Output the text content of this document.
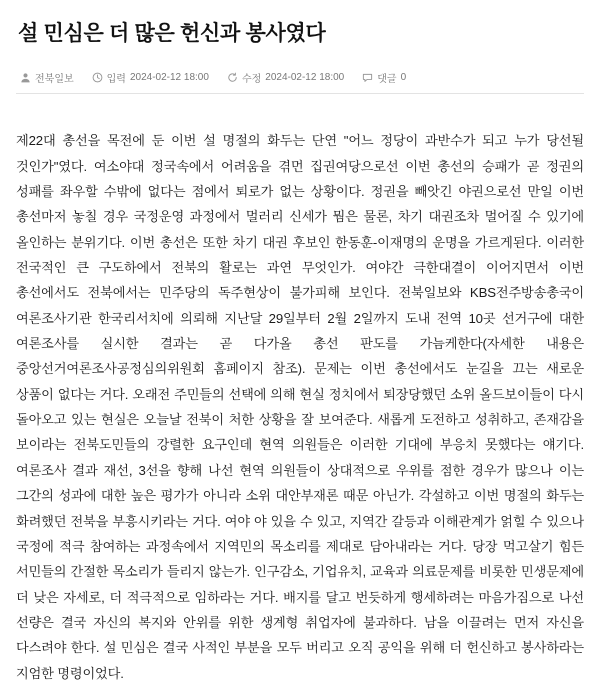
설 민심은 더 많은 헌신과 봉사였다
전북일보	입력 2024-02-12 18:00	수정 2024-02-12 18:00	댓글 0

제22대 총선을 목전에 둔 이번 설 명절의 화두는 단연 "어느 정당이 과반수가 되고 누가 당선될 것인가"였다. 여소야대 정국속에서 어려움을 겪먼 집권여당으로선 이번 총선의 승패가 곧 정권의 성패를 좌우할 수밖에 없다는 점에서 퇴로가 없는 상황이다. 정권을 빼앗긴 야권으로선 만일 이번 총선마저 놓칠 경우 국정운영 과정에서 멀러리 신세가 뭠은 물론, 차기 대권조차 멀어질 수 있기에 올인하는 분위기다. 이번 총선은 또한 차기 대권 후보인 한동훈-이재명의 운명을 가르게된다. 이러한 전국적인 큰 구도하에서 전북의 활로는 과연 무엇인가. 여야간 극한대결이 이어지면서 이번 총선에서도 전북에서는 민주당의 독주현상이 불가피해 보인다. 전북일보와 KBS전주방송총국이 여론조사기관 한국리서치에 의뢰해 지난달 29일부터 2월 2일까지 도내 전역 10곳 선거구에 대한 여론조사를 실시한 결과는 곧 다가올 총선 판도를 가늠케한다(자세한 내용은 중앙선거여론조사공정심의위원회 홈페이지 참조). 문제는 이번 총선에서도 눈길을 끄는 새로운 상품이 없다는 거다. 오래전 주민들의 선택에 의해 현실 정치에서 퇴장당했던 소위 올드보이들이 다시 돌아오고 있는 현실은 오늘날 전북이 처한 상황을 잘 보여준다. 새롭게 도전하고 성취하고, 존재감을 보이라는 전북도민들의 강렬한 요구인데 현역 의원들은 이러한 기대에 부응치 못했다는 얘기다. 여론조사 결과 재선, 3선을 향해 나선 현역 의원들이 상대적으로 우위를 점한 경우가 많으나 이는 그간의 성과에 대한 높은 평가가 아니라 소위 대안부재론 때문 아닌가. 각설하고 이번 명절의 화두는 화려했던 전북을 부흥시키라는 거다. 여야 야 있을 수 있고, 지역간 갈등과 이해관계가 얽힐 수 있으나 국정에 적극 참여하는 과정속에서 지역민의 목소리를 제대로 담아내라는 거다. 당장 먹고살기 힘든 서민들의 간절한 목소리가 들리지 않는가. 인구감소, 기업유치, 교육과 의료문제를 비롯한 민생문제에 더 낮은 자세로, 더 적극적으로 임하라는 거다. 배지를 달고 번듯하게 행세하려는 마음가짐으로 나선 선량은 결국 자신의 복지와 안위를 위한 생계형 취업자에 불과하다. 남을 이끌려는 먼저 자신을 다스려야 한다. 설 민심은 결국 사적인 부분을 모두 버리고 오직 공익을 위해 더 헌신하고 봉사하라는 지엄한 명령이었다.
